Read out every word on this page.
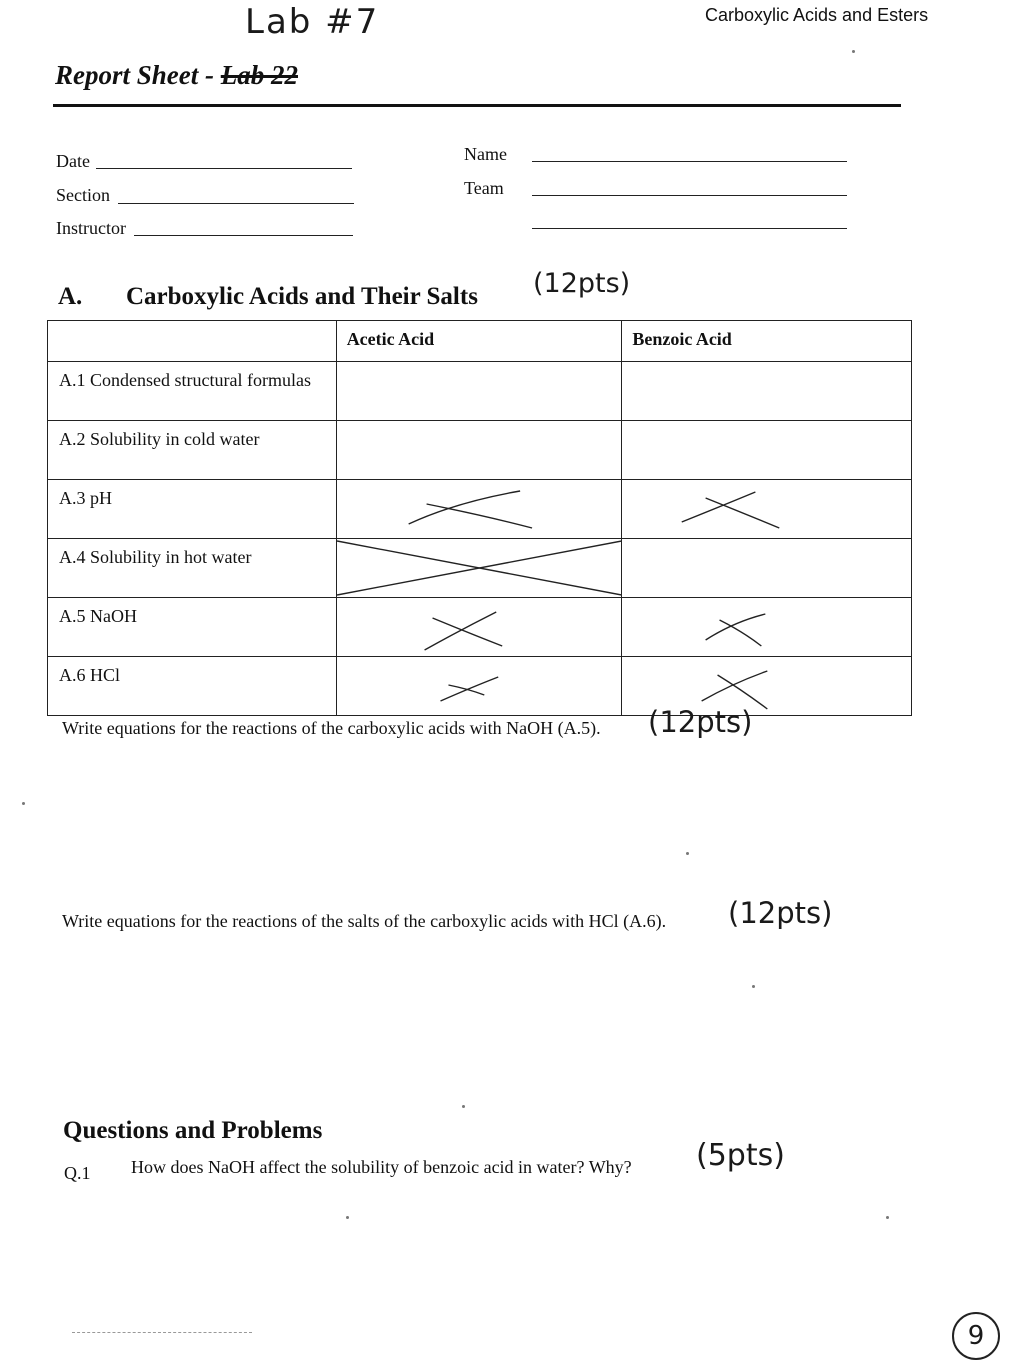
Lab #7	Carboxylic Acids and Esters
Report Sheet - Lab 22
Date
Section
Instructor
Name
Team
A. Carboxylic Acids and Their Salts (12pts)
	Acetic Acid	Benzoic Acid
A.1 Condensed structural formulas		
A.2 Solubility in cold water		
A.3 pH	

A.4 Solubility in hot water	

A.5 NaOH	

A.6 HCl	

Write equations for the reactions of the carboxylic acids with NaOH (A.5). (12pts)
Write equations for the reactions of the salts of the carboxylic acids with HCl (A.6). (12pts)
Questions and Problems
Q.1 How does NaOH affect the solubility of benzoic acid in water? Why? (5pts)
9
